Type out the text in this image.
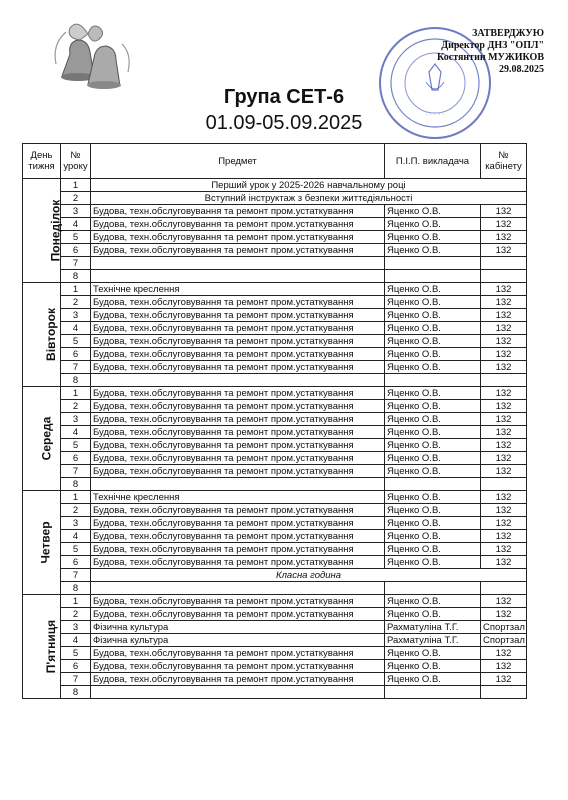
· · · · ·
ЗАТВЕРДЖУЮ
Директор ДНЗ "ОПЛ"
Костянтин МУЖИКОВ
29.08.2025
Група СЕТ-6
01.09-05.09.2025
День тижня	№ уроку	Предмет	П.І.П. викладача	№ кабінету
Понеділок	1	Перший урок у 2025-2026 навчальному році		
	2	Вступний інструктаж з безпеки життєдіяльності		
	3	Будова, техн.обслуговування та ремонт пром.устаткування	Яценко О.В.	132
	4	Будова, техн.обслуговування та ремонт пром.устаткування	Яценко О.В.	132
	5	Будова, техн.обслуговування та ремонт пром.устаткування	Яценко О.В.	132
	6	Будова, техн.обслуговування та ремонт пром.устаткування	Яценко О.В.	132
	7			
	8			
Вівторок	1	Технічне креслення	Яценко О.В.	132
	2	Будова, техн.обслуговування та ремонт пром.устаткування	Яценко О.В.	132
	3	Будова, техн.обслуговування та ремонт пром.устаткування	Яценко О.В.	132
	4	Будова, техн.обслуговування та ремонт пром.устаткування	Яценко О.В.	132
	5	Будова, техн.обслуговування та ремонт пром.устаткування	Яценко О.В.	132
	6	Будова, техн.обслуговування та ремонт пром.устаткування	Яценко О.В.	132
	7	Будова, техн.обслуговування та ремонт пром.устаткування	Яценко О.В.	132
	8			
Середа	1	Будова, техн.обслуговування та ремонт пром.устаткування	Яценко О.В.	132
	2	Будова, техн.обслуговування та ремонт пром.устаткування	Яценко О.В.	132
	3	Будова, техн.обслуговування та ремонт пром.устаткування	Яценко О.В.	132
	4	Будова, техн.обслуговування та ремонт пром.устаткування	Яценко О.В.	132
	5	Будова, техн.обслуговування та ремонт пром.устаткування	Яценко О.В.	132
	6	Будова, техн.обслуговування та ремонт пром.устаткування	Яценко О.В.	132
	7	Будова, техн.обслуговування та ремонт пром.устаткування	Яценко О.В.	132
	8			
Четвер	1	Технічне креслення	Яценко О.В.	132
	2	Будова, техн.обслуговування та ремонт пром.устаткування	Яценко О.В.	132
	3	Будова, техн.обслуговування та ремонт пром.устаткування	Яценко О.В.	132
	4	Будова, техн.обслуговування та ремонт пром.устаткування	Яценко О.В.	132
	5	Будова, техн.обслуговування та ремонт пром.устаткування	Яценко О.В.	132
	6	Будова, техн.обслуговування та ремонт пром.устаткування	Яценко О.В.	132
	7	Класна година		
	8			
П'ятниця	1	Будова, техн.обслуговування та ремонт пром.устаткування	Яценко О.В.	132
	2	Будова, техн.обслуговування та ремонт пром.устаткування	Яценко О.В.	132
	3	Фізична культура	Рахматуліна Т.Г.	Спортзал
	4	Фізична культура	Рахматуліна Т.Г.	Спортзал
	5	Будова, техн.обслуговування та ремонт пром.устаткування	Яценко О.В.	132
	6	Будова, техн.обслуговування та ремонт пром.устаткування	Яценко О.В.	132
	7	Будова, техн.обслуговування та ремонт пром.устаткування	Яценко О.В.	132
	8			
